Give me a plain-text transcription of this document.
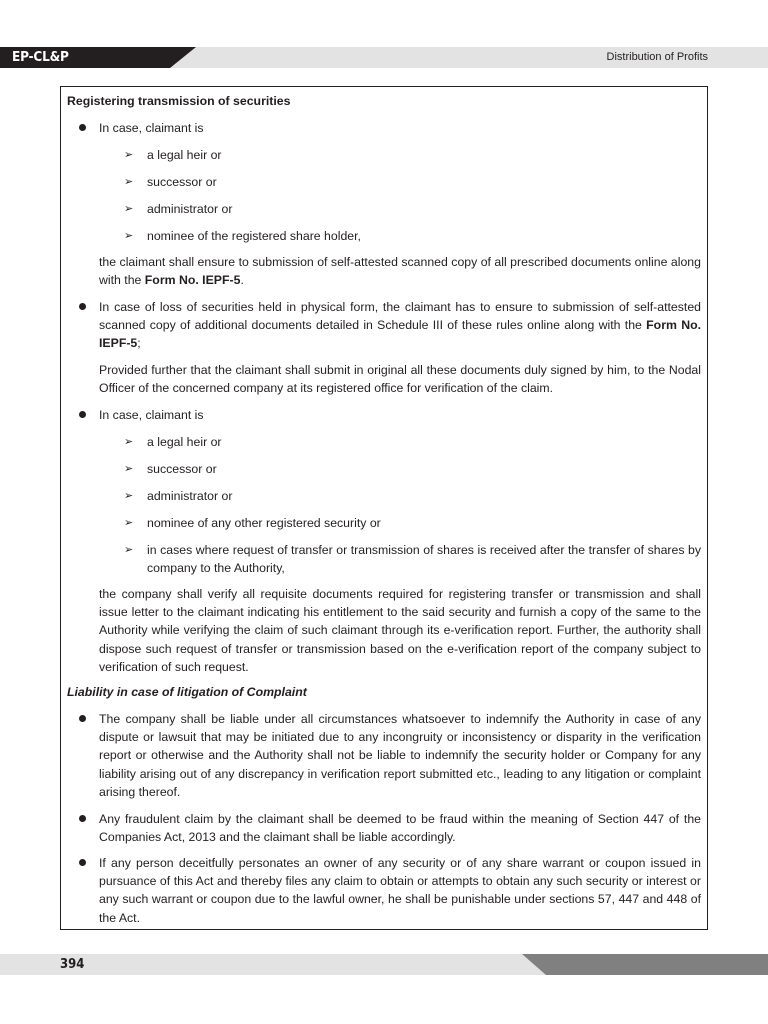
EP-CL&P	Distribution of Profits
Registering transmission of securities
In case, claimant is
➢ a legal heir or
➢ successor or
➢ administrator or
➢ nominee of the registered share holder,
the claimant shall ensure to submission of self-attested scanned copy of all prescribed documents online along with the Form No. IEPF-5.
In case of loss of securities held in physical form, the claimant has to ensure to submission of self-attested scanned copy of additional documents detailed in Schedule III of these rules online along with the Form No. IEPF-5;
Provided further that the claimant shall submit in original all these documents duly signed by him, to the Nodal Officer of the concerned company at its registered office for verification of the claim.
In case, claimant is
➢ a legal heir or
➢ successor or
➢ administrator or
➢ nominee of any other registered security or
➢ in cases where request of transfer or transmission of shares is received after the transfer of shares by company to the Authority,
the company shall verify all requisite documents required for registering transfer or transmission and shall issue letter to the claimant indicating his entitlement to the said security and furnish a copy of the same to the Authority while verifying the claim of such claimant through its e-verification report. Further, the authority shall dispose such request of transfer or transmission based on the e-verification report of the company subject to verification of such request.
Liability in case of litigation of Complaint
The company shall be liable under all circumstances whatsoever to indemnify the Authority in case of any dispute or lawsuit that may be initiated due to any incongruity or inconsistency or disparity in the verification report or otherwise and the Authority shall not be liable to indemnify the security holder or Company for any liability arising out of any discrepancy in verification report submitted etc., leading to any litigation or complaint arising thereof.
Any fraudulent claim by the claimant shall be deemed to be fraud within the meaning of Section 447 of the Companies Act, 2013 and the claimant shall be liable accordingly.
If any person deceitfully personates an owner of any security or of any share warrant or coupon issued in pursuance of this Act and thereby files any claim to obtain or attempts to obtain any such security or interest or any such warrant or coupon due to the lawful owner, he shall be punishable under sections 57, 447 and 448 of the Act.
394
